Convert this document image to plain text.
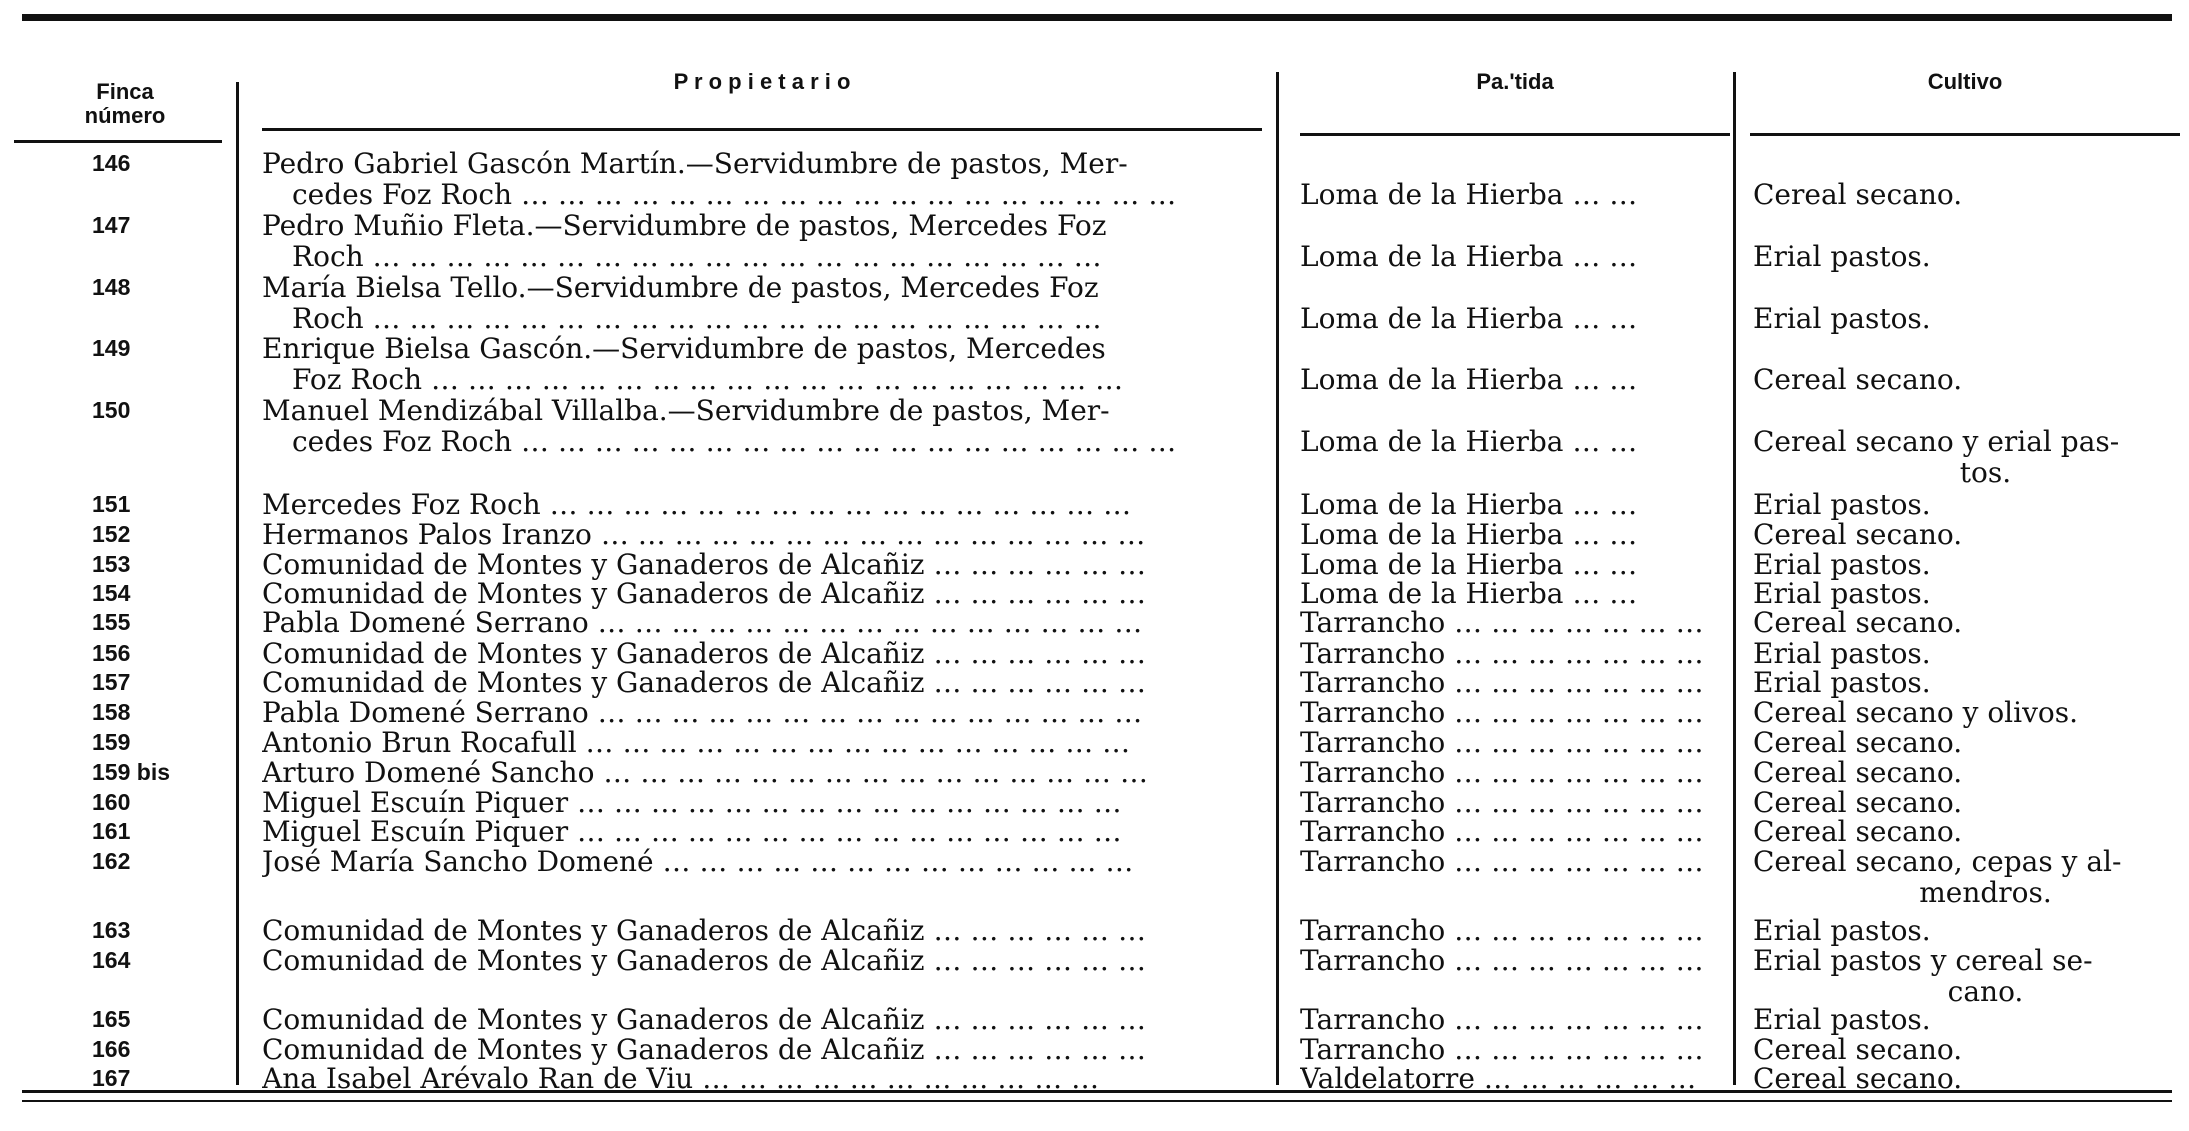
Finca
número
P r o p i e t a r i o	Pa.'tida	Cultivo
146	Pedro Gabriel Gascón Martín.—Servidumbre de pastos, Mer-
cedes Foz Roch … … … … … … … … … … … … … … … … … …	Loma de la Hierba … …	Cereal secano.
147	Pedro Muñio Fleta.—Servidumbre de pastos, Mercedes Foz
Roch … … … … … … … … … … … … … … … … … … … …	Loma de la Hierba … …	Erial pastos.
148	María Bielsa Tello.—Servidumbre de pastos, Mercedes Foz
Roch … … … … … … … … … … … … … … … … … … … …	Loma de la Hierba … …	Erial pastos.
149	Enrique Bielsa Gascón.—Servidumbre de pastos, Mercedes
Foz Roch … … … … … … … … … … … … … … … … … … …	Loma de la Hierba … …	Cereal secano.
150	Manuel Mendizábal Villalba.—Servidumbre de pastos, Mer-
cedes Foz Roch … … … … … … … … … … … … … … … … … …	Loma de la Hierba … …	Cereal secano y erial pas-
tos.
151	Mercedes Foz Roch … … … … … … … … … … … … … … … …	Loma de la Hierba … …	Erial pastos.
152	Hermanos Palos Iranzo … … … … … … … … … … … … … … …	Loma de la Hierba … …	Cereal secano.
153	Comunidad de Montes y Ganaderos de Alcañiz … … … … … …	Loma de la Hierba … …	Erial pastos.
154	Comunidad de Montes y Ganaderos de Alcañiz … … … … … …	Loma de la Hierba … …	Erial pastos.
155	Pabla Domené Serrano … … … … … … … … … … … … … … …	Tarrancho … … … … … … …	Cereal secano.
156	Comunidad de Montes y Ganaderos de Alcañiz … … … … … …	Tarrancho … … … … … … …	Erial pastos.
157	Comunidad de Montes y Ganaderos de Alcañiz … … … … … …	Tarrancho … … … … … … …	Erial pastos.
158	Pabla Domené Serrano … … … … … … … … … … … … … … …	Tarrancho … … … … … … …	Cereal secano y olivos.
159	Antonio Brun Rocafull … … … … … … … … … … … … … … …	Tarrancho … … … … … … …	Cereal secano.
159 bis	Arturo Domené Sancho … … … … … … … … … … … … … … …	Tarrancho … … … … … … …	Cereal secano.
160	Miguel Escuín Piquer … … … … … … … … … … … … … … …	Tarrancho … … … … … … …	Cereal secano.
161	Miguel Escuín Piquer … … … … … … … … … … … … … … …	Tarrancho … … … … … … …	Cereal secano.
162	José María Sancho Domené … … … … … … … … … … … … …	Tarrancho … … … … … … …	Cereal secano, cepas y al-
mendros.
163	Comunidad de Montes y Ganaderos de Alcañiz … … … … … …	Tarrancho … … … … … … …	Erial pastos.
164	Comunidad de Montes y Ganaderos de Alcañiz … … … … … …	Tarrancho … … … … … … …	Erial pastos y cereal se-
cano.
165	Comunidad de Montes y Ganaderos de Alcañiz … … … … … …	Tarrancho … … … … … … …	Erial pastos.
166	Comunidad de Montes y Ganaderos de Alcañiz … … … … … …	Tarrancho … … … … … … …	Cereal secano.
167	Ana Isabel Arévalo Ran de Viu … … … … … … … … … … …	Valdelatorre … … … … … …	Cereal secano.
